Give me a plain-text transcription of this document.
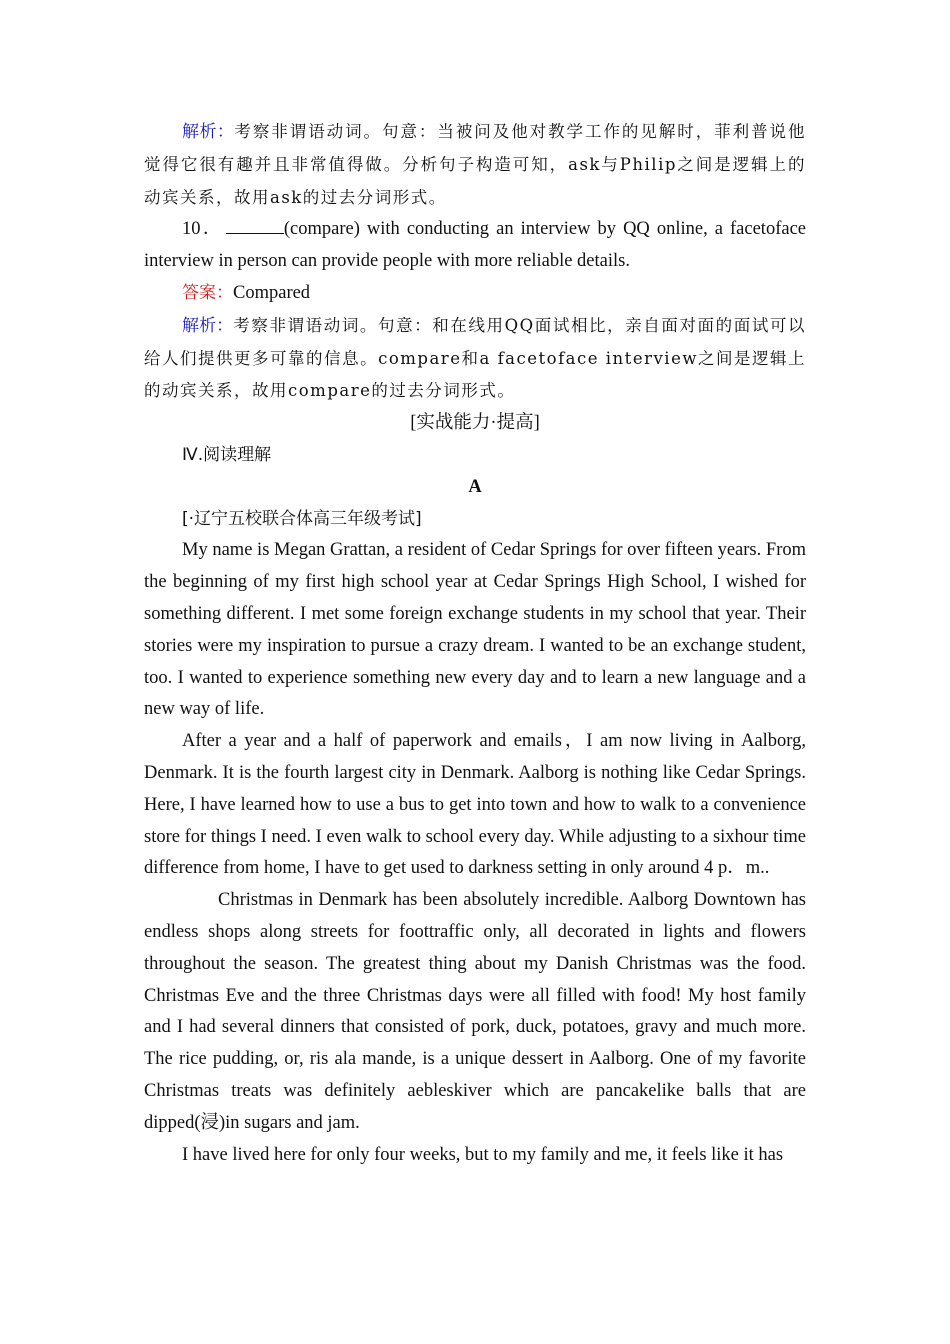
解析：考察非谓语动词。句意：当被问及他对教学工作的见解时，菲利普说他觉得它很有趣并且非常值得做。分析句子构造可知，ask与Philip之间是逻辑上的动宾关系，故用ask的过去分词形式。

10．	(compare) with conducting an interview by QQ online, a facetoface interview in person can provide people with more reliable details.

答案：Compared

解析：考察非谓语动词。句意：和在线用QQ面试相比，亲自面对面的面试可以给人们提供更多可靠的信息。compare和a facetoface interview之间是逻辑上的动宾关系，故用compare的过去分词形式。

[实战能力·提高]

Ⅳ.阅读理解

A

[·辽宁五校联合体高三年级考试]

My name is Megan Grattan, a resident of Cedar Springs for over fifteen years. From the beginning of my first high school year at Cedar Springs High School, I wished for something different. I met some foreign exchange students in my school that year. Their stories were my inspiration to pursue a crazy dream. I wanted to be an exchange student, too. I wanted to experience something new every day and to learn a new language and a new way of life.

After a year and a half of paperwork and emails，I am now living in Aalborg, Denmark. It is the fourth largest city in Denmark. Aalborg is nothing like Cedar Springs. Here, I have learned how to use a bus to get into town and how to walk to a convenience store for things I need. I even walk to school every day. While adjusting to a sixhour time difference from home, I have to get used to darkness setting in only around 4 p．m..

Christmas in Denmark has been absolutely incredible. Aalborg Downtown has endless shops along streets for foottraffic only, all decorated in lights and flowers throughout the season. The greatest thing about my Danish Christmas was the food. Christmas Eve and the three Christmas days were all filled with food! My host family and I had several dinners that consisted of pork, duck, potatoes, gravy and much more. The rice pudding, or, ris ala mande, is a unique dessert in Aalborg. One of my favorite Christmas treats was definitely aebleskiver which are pancakelike balls that are dipped(浸)in sugars and jam.

I have lived here for only four weeks, but to my family and me, it feels like it has
